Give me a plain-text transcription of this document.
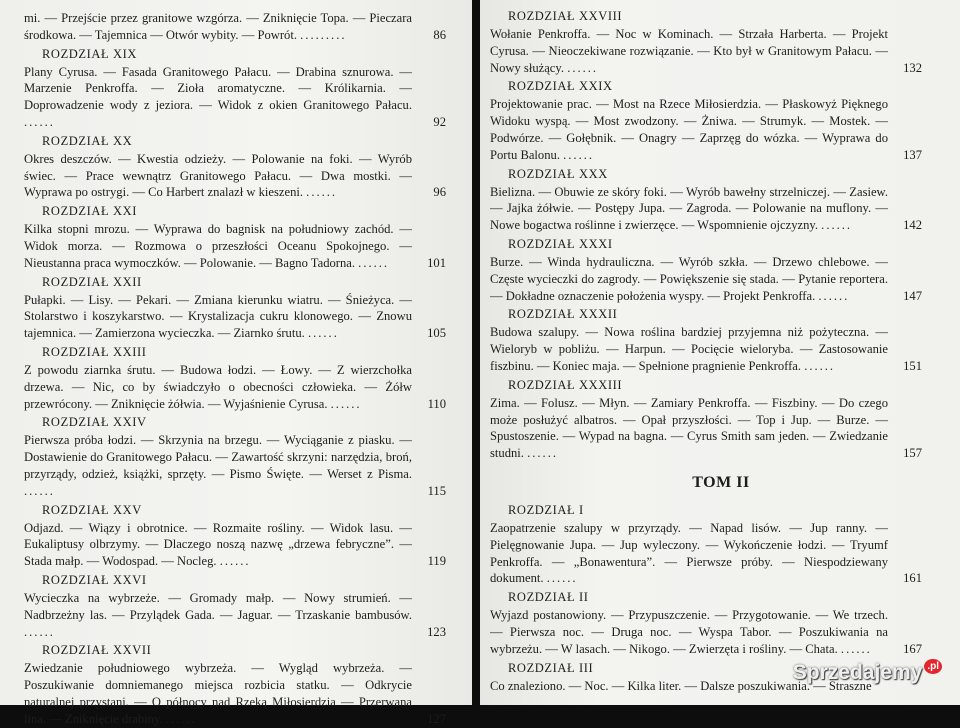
mi. — Przejście przez granitowe wzgórza. — Zniknięcie Topa. — Pieczara środkowa. — Tajemnica — Otwór wybity. — Powrót. .........	86
ROZDZIAŁ XIX
Plany Cyrusa. — Fasada Granitowego Pałacu. — Drabina sznurowa. — Marzenie Penkroffa. — Zioła aromatyczne. — Królikarnia. — Doprowadzenie wody z jeziora. — Widok z okien Granitowego Pałacu. ......	92
ROZDZIAŁ XX
Okres deszczów. — Kwestia odzieży. — Polowanie na foki. — Wyrób świec. — Prace wewnątrz Granitowego Pałacu. — Dwa mostki. — Wyprawa po ostrygi. — Co Harbert znalazł w kieszeni. ......	96
ROZDZIAŁ XXI
Kilka stopni mrozu. — Wyprawa do bagnisk na południowy zachód. — Widok morza. — Rozmowa o przeszłości Oceanu Spokojnego. — Nieustanna praca wymoczków. — Polowanie. — Bagno Tadorna. ......	101
ROZDZIAŁ XXII
Pułapki. — Lisy. — Pekari. — Zmiana kierunku wiatru. — Śnieżyca. — Stolarstwo i koszykarstwo. — Krystalizacja cukru klonowego. — Znowu tajemnica. — Zamierzona wycieczka. — Ziarnko śrutu. ......	105
ROZDZIAŁ XXIII
Z powodu ziarnka śrutu. — Budowa łodzi. — Łowy. — Z wierzchołka drzewa. — Nic, co by świadczyło o obecności człowieka. — Żółw przewrócony. — Zniknięcie żółwia. — Wyjaśnienie Cyrusa. ......	110
ROZDZIAŁ XXIV
Pierwsza próba łodzi. — Skrzynia na brzegu. — Wyciąganie z piasku. — Dostawienie do Granitowego Pałacu. — Zawartość skrzyni: narzędzia, broń, przyrządy, odzież, książki, sprzęty. — Pismo Święte. — Werset z Pisma. ......	115
ROZDZIAŁ XXV
Odjazd. — Wiązy i obrotnice. — Rozmaite rośliny. — Widok lasu. — Eukaliptusy olbrzymy. — Dlaczego noszą nazwę „drzewa febryczne”. — Stada małp. — Wodospad. — Nocleg. ......	119
ROZDZIAŁ XXVI
Wycieczka na wybrzeże. — Gromady małp. — Nowy strumień. — Nadbrzeżny las. — Przylądek Gada. — Jaguar. — Trzaskanie bambusów. ......	123
ROZDZIAŁ XXVII
Zwiedzanie południowego wybrzeża. — Wygląd wybrzeża. — Poszukiwanie domniemanego miejsca rozbicia statku. — Odkrycie naturalnej przystani. — O północy nad Rzeką Miłosierdzia — Przerwana lina. — Zniknięcie drabiny. ......	127
ROZDZIAŁ XXVIII
Wołanie Penkroffa. — Noc w Kominach. — Strzała Harberta. — Projekt Cyrusa. — Nieoczekiwane rozwiązanie. — Kto był w Granitowym Pałacu. — Nowy służący. ......	132
ROZDZIAŁ XXIX
Projektowanie prac. — Most na Rzece Miłosierdzia. — Płaskowyż Pięknego Widoku wyspą. — Most zwodzony. — Żniwa. — Strumyk. — Mostek. — Podwórze. — Gołębnik. — Onagry — Zaprzęg do wózka. — Wyprawa do Portu Balonu. ......	137
ROZDZIAŁ XXX
Bielizna. — Obuwie ze skóry foki. — Wyrób bawełny strzelniczej. — Zasiew. — Jajka żółwie. — Postępy Jupa. — Zagroda. — Polowanie na muflony. — Nowe bogactwa roślinne i zwierzęce. — Wspomnienie ojczyzny. ......	142
ROZDZIAŁ XXXI
Burze. — Winda hydrauliczna. — Wyrób szkła. — Drzewo chlebowe. — Częste wycieczki do zagrody. — Powiększenie się stada. — Pytanie reportera. — Dokładne oznaczenie położenia wyspy. — Projekt Penkroffa. ......	147
ROZDZIAŁ XXXII
Budowa szalupy. — Nowa roślina bardziej przyjemna niż pożyteczna. — Wieloryb w pobliżu. — Harpun. — Pocięcie wieloryba. — Zastosowanie fiszbinu. — Koniec maja. — Spełnione pragnienie Penkroffa. ......	151
ROZDZIAŁ XXXIII
Zima. — Folusz. — Młyn. — Zamiary Penkroffa. — Fiszbiny. — Do czego może posłużyć albatros. — Opał przyszłości. — Top i Jup. — Burze. — Spustoszenie. — Wypad na bagna. — Cyrus Smith sam jeden. — Zwiedzanie studni. ......	157
TOM II
ROZDZIAŁ I
Zaopatrzenie szalupy w przyrządy. — Napad lisów. — Jup ranny. — Pielęgnowanie Jupa. — Jup wyleczony. — Wykończenie łodzi. — Tryumf Penkroffa. — „Bonawentura”. — Pierwsze próby. — Niespodziewany dokument. ......	161
ROZDZIAŁ II
Wyjazd postanowiony. — Przypuszczenie. — Przygotowanie. — We trzech. — Pierwsza noc. — Druga noc. — Wyspa Tabor. — Poszukiwania na wybrzeżu. — W lasach. — Nikogo. — Zwierzęta i rośliny. — Chata. ......	167
ROZDZIAŁ III
Co znaleziono. — Noc. — Kilka liter. — Dalsze poszukiwania. — Straszne
Sprzedajemy $^{.pl}$
